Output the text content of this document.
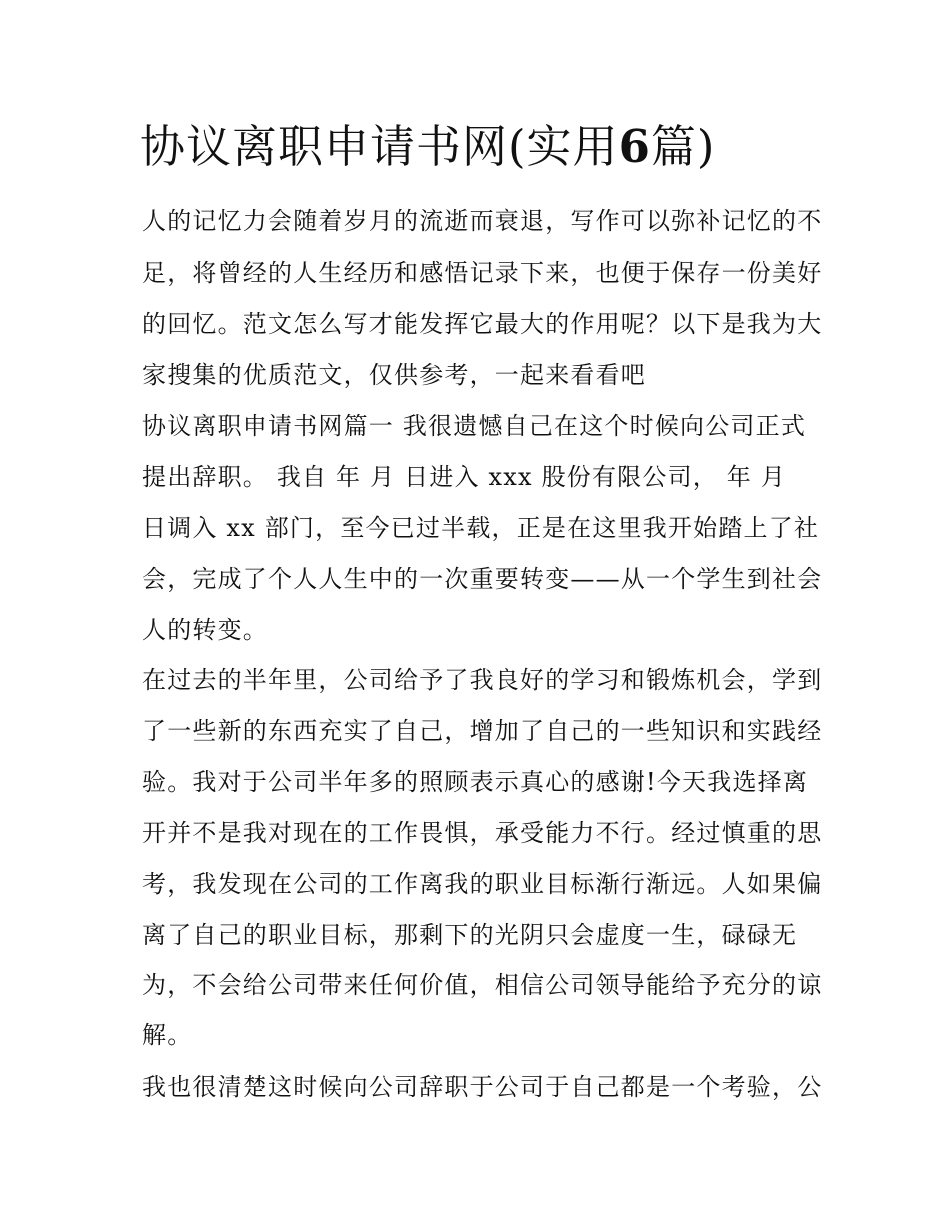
协议离职申请书网(实用6篇)
人的记忆力会随着岁月的流逝而衰退，写作可以弥补记忆的不
足，将曾经的人生经历和感悟记录下来，也便于保存一份美好
的回忆。范文怎么写才能发挥它最大的作用呢？以下是我为大
家搜集的优质范文，仅供参考，一起来看看吧
协议离职申请书网篇一 我很遗憾自己在这个时候向公司正式
提出辞职。 我自 年 月 日进入 xxx 股份有限公司， 年 月
日调入 xx 部门，至今已过半载，正是在这里我开始踏上了社
会，完成了个人人生中的一次重要转变——从一个学生到社会
人的转变。
在过去的半年里，公司给予了我良好的学习和锻炼机会，学到
了一些新的东西充实了自己，增加了自己的一些知识和实践经
验。我对于公司半年多的照顾表示真心的感谢!今天我选择离
开并不是我对现在的工作畏惧，承受能力不行。经过慎重的思
考，我发现在公司的工作离我的职业目标渐行渐远。人如果偏
离了自己的职业目标，那剩下的光阴只会虚度一生，碌碌无
为，不会给公司带来任何价值，相信公司领导能给予充分的谅
解。
我也很清楚这时候向公司辞职于公司于自己都是一个考验，公
